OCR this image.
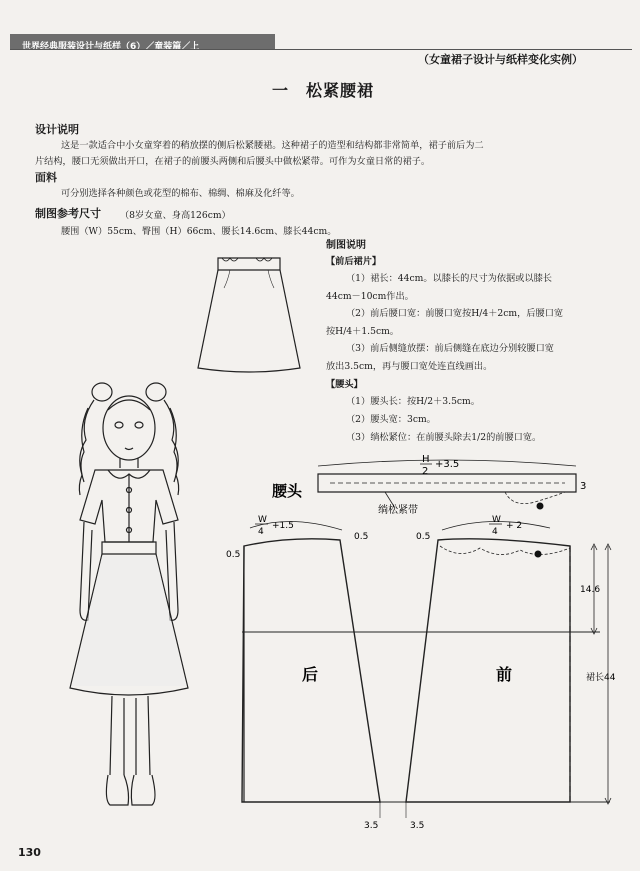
世界经典服装设计与纸样（6）／童装篇／上
（女童裙子设计与纸样变化实例）
一　松紧腰裙
设计说明
这是一款适合中小女童穿着的稍放摆的侧后松紧腰裙。这种裙子的造型和结构都非常简单，裙子前后为二
片结构，腰口无须做出开口，在裙子的前腰头两侧和后腰头中做松紧带。可作为女童日常的裙子。
面料
可分别选择各种颜色或花型的棉布、棉绸、棉麻及化纤等。
制图参考尺寸 （8岁女童、身高126cm）
腰围（W）55cm、臀围（H）66cm、腰长14.6cm、膝长44cm。
制图说明
【前后裙片】
（1）裙长：44cm。以膝长的尺寸为依据或以膝长
44cm－10cm作出。
（2）前后腰口宽：前腰口宽按H/4＋2cm，后腰口宽
按H/4＋1.5cm。
（3）前后侧缝放摆：前后侧缝在底边分别较腰口宽
放出3.5cm，再与腰口宽处连直线画出。
【腰头】
（1）腰头长：按H/2＋3.5cm。
（2）腰头宽：3cm。
（3）绱松紧位：在前腰头除去1/2的前腰口宽。
腰头
H
2
+3.5
3
绱松紧带
W
4
+1.5
0.5
0.5
后
W
4
+ 2
0.5
前
14.6
裙长44
3.5	3.5
130
